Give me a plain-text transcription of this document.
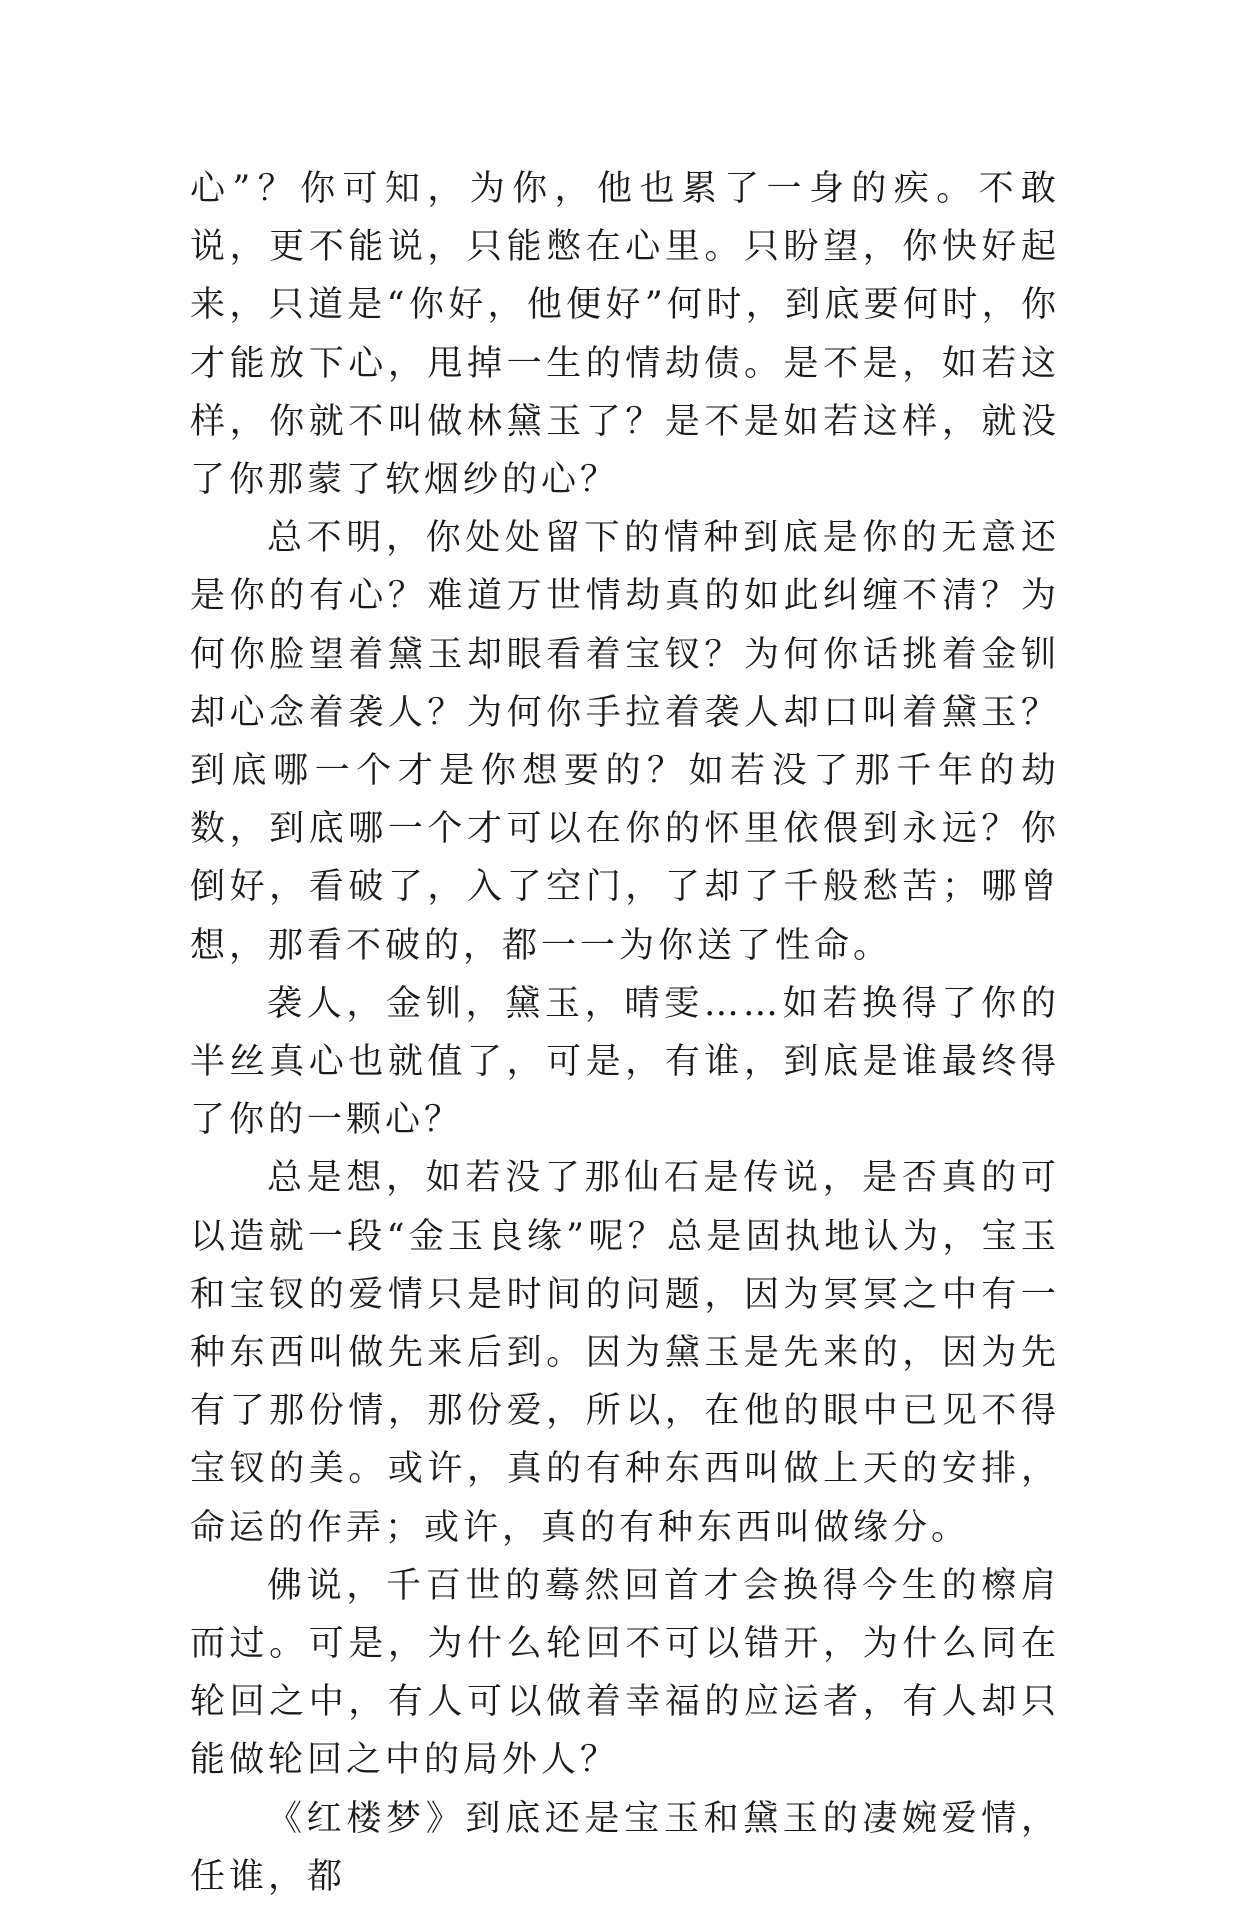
心”？你可知，为你，他也累了一身的疾。不敢说，更不能说，只能憋在心里。只盼望，你快好起来，只道是“你好，他便好”何时，到底要何时，你才能放下心，甩掉一生的情劫债。是不是，如若这样，你就不叫做林黛玉了？是不是如若这样，就没了你那蒙了软烟纱的心？

总不明，你处处留下的情种到底是你的无意还是你的有心？难道万世情劫真的如此纠缠不清？为何你脸望着黛玉却眼看着宝钗？为何你话挑着金钏却心念着袭人？为何你手拉着袭人却口叫着黛玉？到底哪一个才是你想要的？如若没了那千年的劫数，到底哪一个才可以在你的怀里依偎到永远？你倒好，看破了，入了空门，了却了千般愁苦；哪曾想，那看不破的，都一一为你送了性命。

袭人，金钏，黛玉，晴雯……如若换得了你的半丝真心也就值了，可是，有谁，到底是谁最终得了你的一颗心？

总是想，如若没了那仙石是传说，是否真的可以造就一段“金玉良缘”呢？总是固执地认为，宝玉和宝钗的爱情只是时间的问题，因为冥冥之中有一种东西叫做先来后到。因为黛玉是先来的，因为先有了那份情，那份爱，所以，在他的眼中已见不得宝钗的美。或许，真的有种东西叫做上天的安排，命运的作弄；或许，真的有种东西叫做缘分。

佛说，千百世的蓦然回首才会换得今生的檫肩而过。可是，为什么轮回不可以错开，为什么同在轮回之中，有人可以做着幸福的应运者，有人却只能做轮回之中的局外人？

《红楼梦》到底还是宝玉和黛玉的凄婉爱情，任谁，都
